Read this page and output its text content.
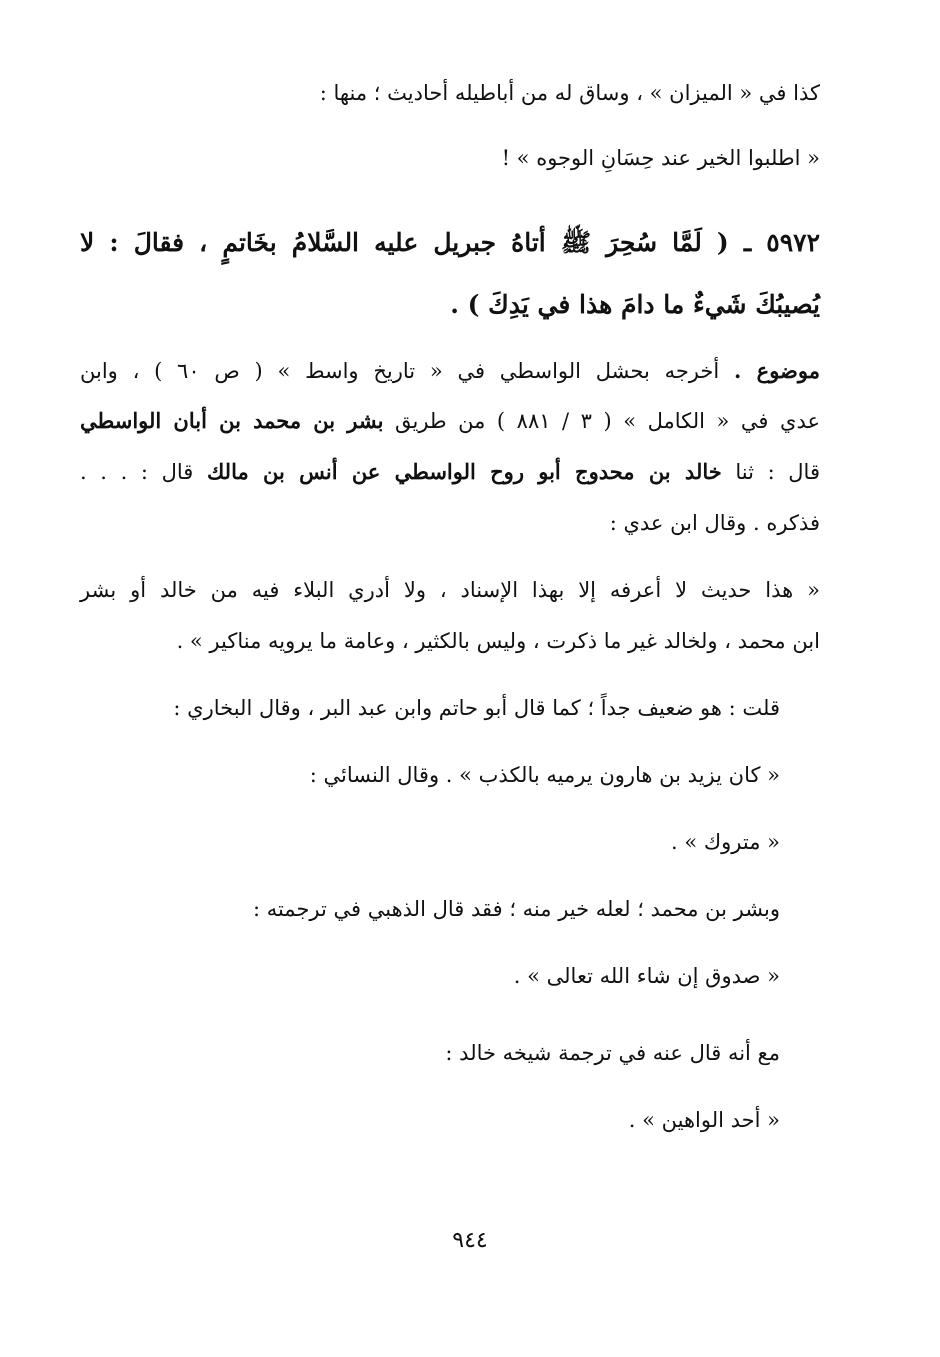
كذا في « الميزان » ، وساق له من أباطيله أحاديث ؛ منها :
« اطلبوا الخير عند حِسَانِ الوجوه » !
٥٩٧٢ ـ ( لَمَّا سُحِرَ ﷺ أتاهُ جبريل عليه السَّلامُ بخَاتمٍ ، فقالَ : لا
يُصيبُكَ شَيءٌ ما دامَ هذا في يَدِكَ ) .
موضوع . أخرجه بحشل الواسطي في « تاريخ واسط » ( ص ٦٠ ) ، وابن
عدي في « الكامل » ( ٣ / ٨٨١ ) من طريق بشر بن محمد بن أبان الواسطي
قال : ثنا خالد بن محدوج أبو روح الواسطي عن أنس بن مالك قال : . . .
فذكره . وقال ابن عدي :
« هذا حديث لا أعرفه إلا بهذا الإسناد ، ولا أدري البلاء فيه من خالد أو بشر
ابن محمد ، ولخالد غير ما ذكرت ، وليس بالكثير ، وعامة ما يرويه مناكير » .
قلت : هو ضعيف جداً ؛ كما قال أبو حاتم وابن عبد البر ، وقال البخاري :
« كان يزيد بن هارون يرميه بالكذب » . وقال النسائي :
« متروك » .
وبشر بن محمد ؛ لعله خير منه ؛ فقد قال الذهبي في ترجمته :
« صدوق إن شاء الله تعالى » .
مع أنه قال عنه في ترجمة شيخه خالد :
« أحد الواهين » .
٩٤٤
